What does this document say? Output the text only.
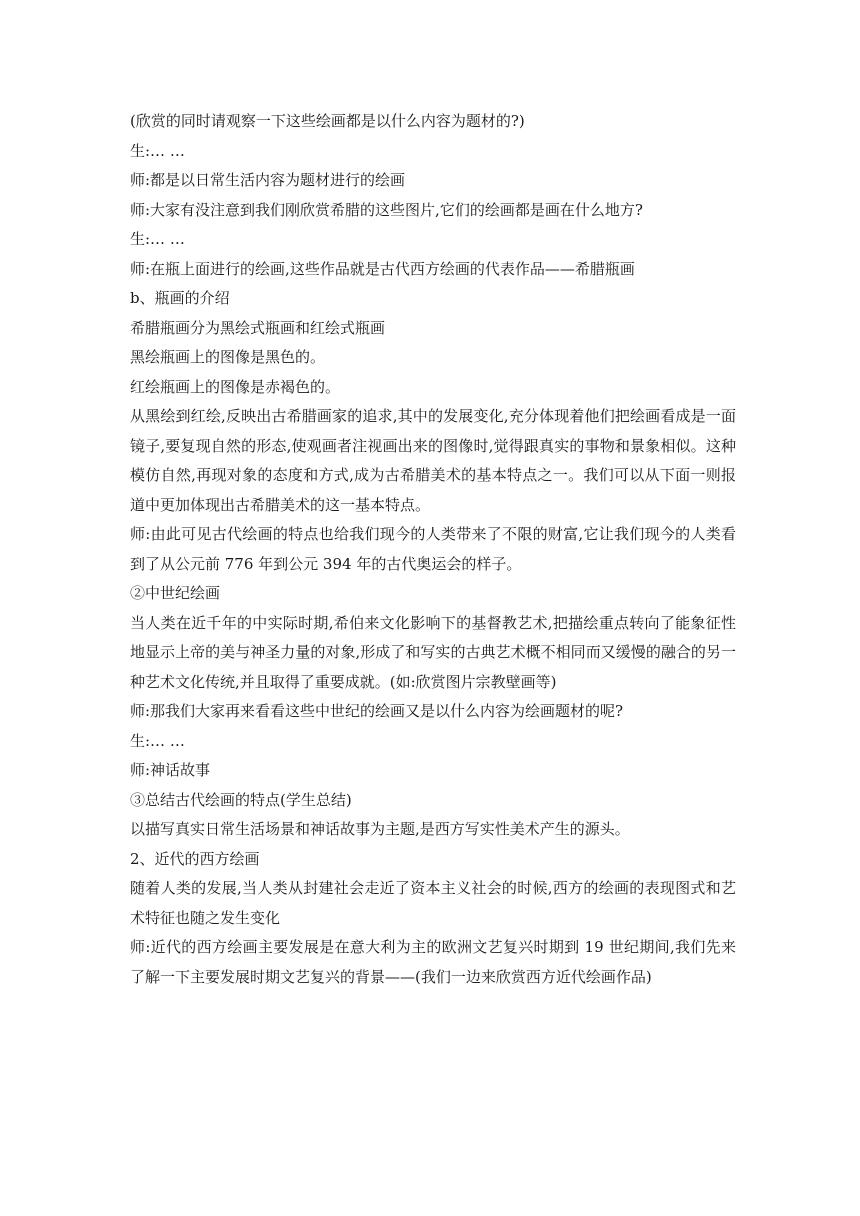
(欣赏的同时请观察一下这些绘画都是以什么内容为题材的?)

生:… …

师:都是以日常生活内容为题材进行的绘画

师:大家有没注意到我们刚欣赏希腊的这些图片,它们的绘画都是画在什么地方?

生:… …

师:在瓶上面进行的绘画,这些作品就是古代西方绘画的代表作品——希腊瓶画

b、瓶画的介绍

希腊瓶画分为黑绘式瓶画和红绘式瓶画

黑绘瓶画上的图像是黑色的。

红绘瓶画上的图像是赤褐色的。

从黑绘到红绘,反映出古希腊画家的追求,其中的发展变化,充分体现着他们把绘画看成是一面镜子,要复现自然的形态,使观画者注视画出来的图像时,觉得跟真实的事物和景象相似。这种模仿自然,再现对象的态度和方式,成为古希腊美术的基本特点之一。我们可以从下面一则报道中更加体现出古希腊美术的这一基本特点。

师:由此可见古代绘画的特点也给我们现今的人类带来了不限的财富,它让我们现今的人类看到了从公元前 776 年到公元 394 年的古代奥运会的样子。

②中世纪绘画

当人类在近千年的中实际时期,希伯来文化影响下的基督教艺术,把描绘重点转向了能象征性地显示上帝的美与神圣力量的对象,形成了和写实的古典艺术概不相同而又缓慢的融合的另一种艺术文化传统,并且取得了重要成就。(如:欣赏图片宗教壁画等)

师:那我们大家再来看看这些中世纪的绘画又是以什么内容为绘画题材的呢?

生:… …

师:神话故事

③总结古代绘画的特点(学生总结)

以描写真实日常生活场景和神话故事为主题,是西方写实性美术产生的源头。

2、近代的西方绘画

随着人类的发展,当人类从封建社会走近了资本主义社会的时候,西方的绘画的表现图式和艺术特征也随之发生变化

师:近代的西方绘画主要发展是在意大利为主的欧洲文艺复兴时期到 19 世纪期间,我们先来了解一下主要发展时期文艺复兴的背景——(我们一边来欣赏西方近代绘画作品)
